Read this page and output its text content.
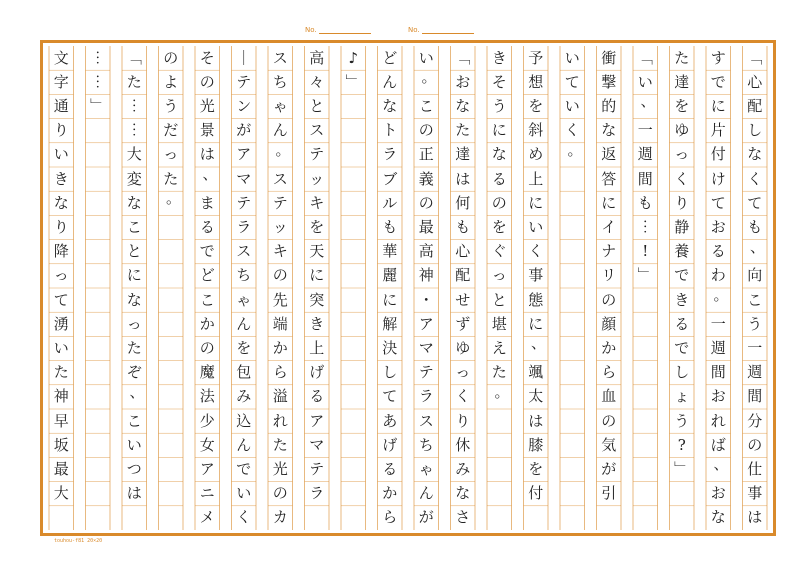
No.	No.
﹁
心
配
し
な
く
て
も
、
向
こ
う
一
週
間
分
の
仕
事
は
す
で
に
片
付
け
て
お
る
わ
。
一
週
間
お
れ
ば
、
お
な
た
達
を
ゆ
っ
く
り
静
養
で
き
る
で
し
ょ
う
?
﹂
﹁
い
、
一
週
間
も
︙
!
﹂
衝
撃
的
な
返
答
に
イ
ナ
リ
の
顔
か
ら
血
の
気
が
引
い
て
い
く
。
予
想
を
斜
め
上
に
い
く
事
態
に
、
颯
太
は
膝
を
付
き
そ
う
に
な
る
の
を
ぐ
っ
と
堪
え
た
。
﹁
お
な
た
達
は
何
も
心
配
せ
ず
ゆ
っ
く
り
休
み
な
さ
い
。
こ
の
正
義
の
最
高
神
・
ア
マ
テ
ラ
ス
ち
ゃ
ん
が
ど
ん
な
ト
ラ
ブ
ル
も
華
麗
に
解
決
し
て
あ
げ
る
か
ら
♪
﹂
高
々
と
ス
テ
ッ
キ
を
天
に
突
き
上
げ
る
ア
マ
テ
ラ
ス
ち
ゃ
ん
。
ス
テ
ッ
キ
の
先
端
か
ら
溢
れ
た
光
の
カ
｜
テ
ン
が
ア
マ
テ
ラ
ス
ち
ゃ
ん
を
包
み
込
ん
で
い
く
そ
の
光
景
は
、
ま
る
で
ど
こ
か
の
魔
法
少
女
ア
ニ
メ
の
よ
う
だ
っ
た
。
﹁
た
︙
︙
大
変
な
こ
と
に
な
っ
た
ぞ
、
こ
い
つ
は
︙
︙
﹂
文
字
通
り
い
き
な
り
降
っ
て
湧
い
た
神
早
坂
最
大
touhou-f81 20×20
